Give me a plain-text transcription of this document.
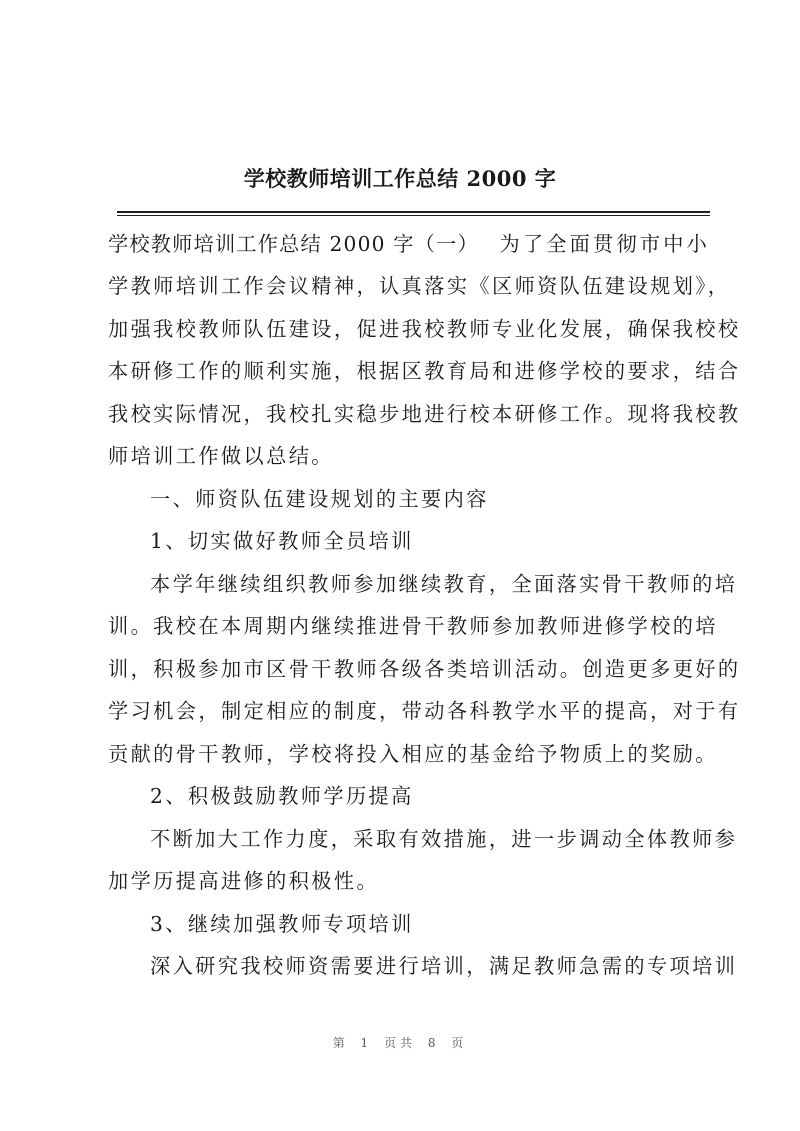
学校教师培训工作总结 2000 字
学校教师培训工作总结 2000 字（一） 为了全面贯彻市中小
学教师培训工作会议精神，认真落实《区师资队伍建设规划》，
加强我校教师队伍建设，促进我校教师专业化发展，确保我校校
本研修工作的顺利实施，根据区教育局和进修学校的要求，结合
我校实际情况，我校扎实稳步地进行校本研修工作。现将我校教
师培训工作做以总结。
一、师资队伍建设规划的主要内容
1、切实做好教师全员培训
本学年继续组织教师参加继续教育，全面落实骨干教师的培
训。我校在本周期内继续推进骨干教师参加教师进修学校的培
训，积极参加市区骨干教师各级各类培训活动。创造更多更好的
学习机会，制定相应的制度，带动各科教学水平的提高，对于有
贡献的骨干教师，学校将投入相应的基金给予物质上的奖励。
2、积极鼓励教师学历提高
不断加大工作力度，采取有效措施，进一步调动全体教师参
加学历提高进修的积极性。
3、继续加强教师专项培训
深入研究我校师资需要进行培训，满足教师急需的专项培训
第 1 页共 8 页
